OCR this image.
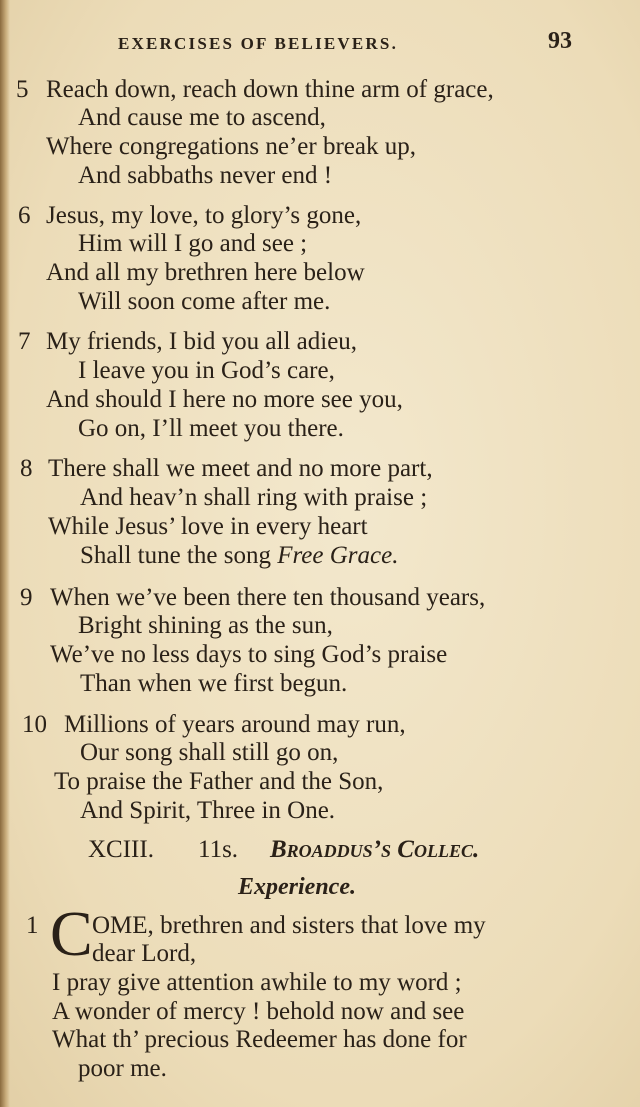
EXERCISES OF BELIEVERS.	93
5 Reach down, reach down thine arm of grace,
And cause me to ascend,
Where congregations ne’er break up,
And sabbaths never end !
6 Jesus, my love, to glory’s gone,
Him will I go and see ;
And all my brethren here below
Will soon come after me.
7 My friends, I bid you all adieu,
I leave you in God’s care,
And should I here no more see you,
Go on, I’ll meet you there.
8 There shall we meet and no more part,
And heav’n shall ring with praise ;
While Jesus’ love in every heart
Shall tune the song Free Grace.
9 When we’ve been there ten thousand years,
Bright shining as the sun,
We’ve no less days to sing God’s praise
Than when we first begun.
10 Millions of years around may run,
Our song shall still go on,
To praise the Father and the Son,
And Spirit, Three in One.
XCIII. 11s. Broaddus’s Collec.
Experience.
1 C OME, brethren and sisters that love my
dear Lord,
I pray give attention awhile to my word ;
A wonder of mercy ! behold now and see
What th’ precious Redeemer has done for
poor me.
